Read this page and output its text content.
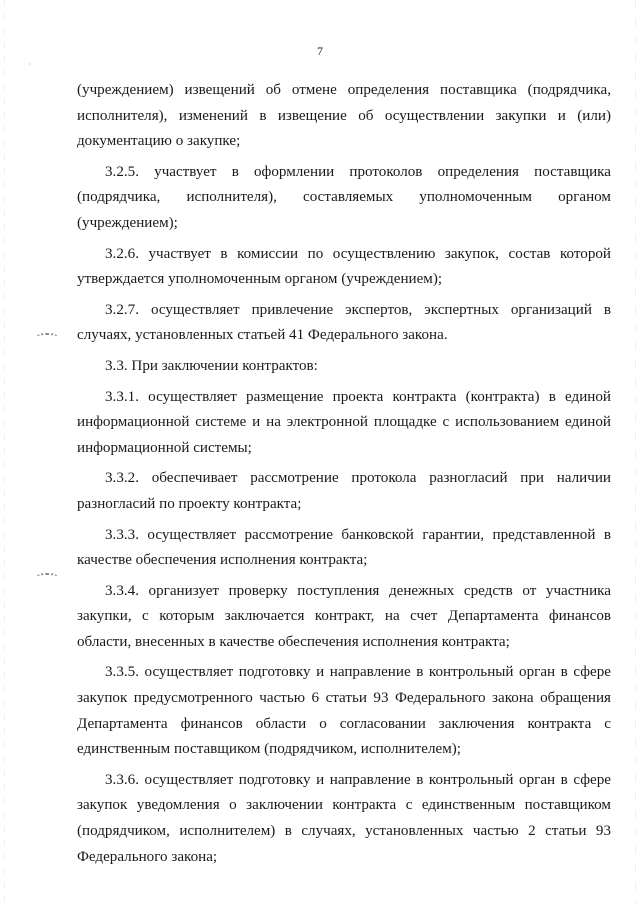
·
7

(учреждением) извещений об отмене определения поставщика (подрядчика, исполнителя), изменений в извещение об осуществлении закупки и (или) документацию о закупке;

3.2.5. участвует в оформлении протоколов определения поставщика (подрядчика, исполнителя), составляемых уполномоченным органом (учреждением);

3.2.6. участвует в комиссии по осуществлению закупок, состав которой утверждается уполномоченным органом (учреждением);

3.2.7. осуществляет привлечение экспертов, экспертных организаций в случаях, установленных статьей 41 Федерального закона.

3.3. При заключении контрактов:

3.3.1. осуществляет размещение проекта контракта (контракта) в единой информационной системе и на электронной площадке с использованием единой информационной системы;

3.3.2. обеспечивает рассмотрение протокола разногласий при наличии разногласий по проекту контракта;

3.3.3. осуществляет рассмотрение банковской гарантии, представленной в качестве обеспечения исполнения контракта;

3.3.4. организует проверку поступления денежных средств от участника закупки, с которым заключается контракт, на счет Департамента финансов области, внесенных в качестве обеспечения исполнения контракта;

3.3.5. осуществляет подготовку и направление в контрольный орган в сфере закупок предусмотренного частью 6 статьи 93 Федерального закона обращения Департамента финансов области о согласовании заключения контракта с единственным поставщиком (подрядчиком, исполнителем);

3.3.6. осуществляет подготовку и направление в контрольный орган в сфере закупок уведомления о заключении контракта с единственным поставщиком (подрядчиком, исполнителем) в случаях, установленных частью 2 статьи 93 Федерального закона;
